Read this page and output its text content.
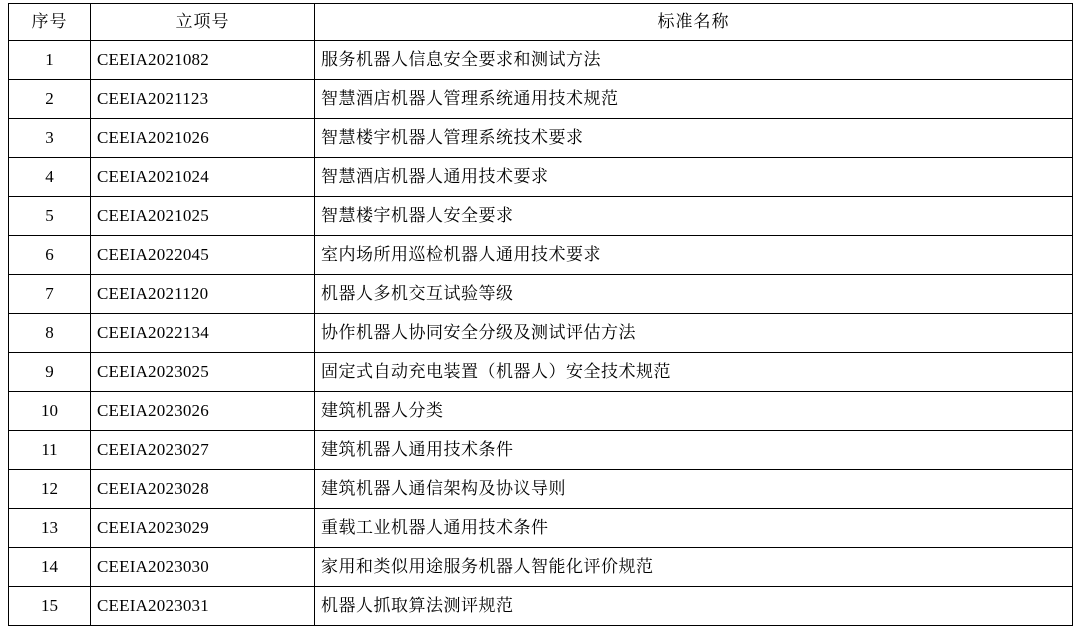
序号	立项号	标准名称
1	CEEIA2021082	服务机器人信息安全要求和测试方法
2	CEEIA2021123	智慧酒店机器人管理系统通用技术规范
3	CEEIA2021026	智慧楼宇机器人管理系统技术要求
4	CEEIA2021024	智慧酒店机器人通用技术要求
5	CEEIA2021025	智慧楼宇机器人安全要求
6	CEEIA2022045	室内场所用巡检机器人通用技术要求
7	CEEIA2021120	机器人多机交互试验等级
8	CEEIA2022134	协作机器人协同安全分级及测试评估方法
9	CEEIA2023025	固定式自动充电装置（机器人）安全技术规范
10	CEEIA2023026	建筑机器人分类
11	CEEIA2023027	建筑机器人通用技术条件
12	CEEIA2023028	建筑机器人通信架构及协议导则
13	CEEIA2023029	重载工业机器人通用技术条件
14	CEEIA2023030	家用和类似用途服务机器人智能化评价规范
15	CEEIA2023031	机器人抓取算法测评规范
